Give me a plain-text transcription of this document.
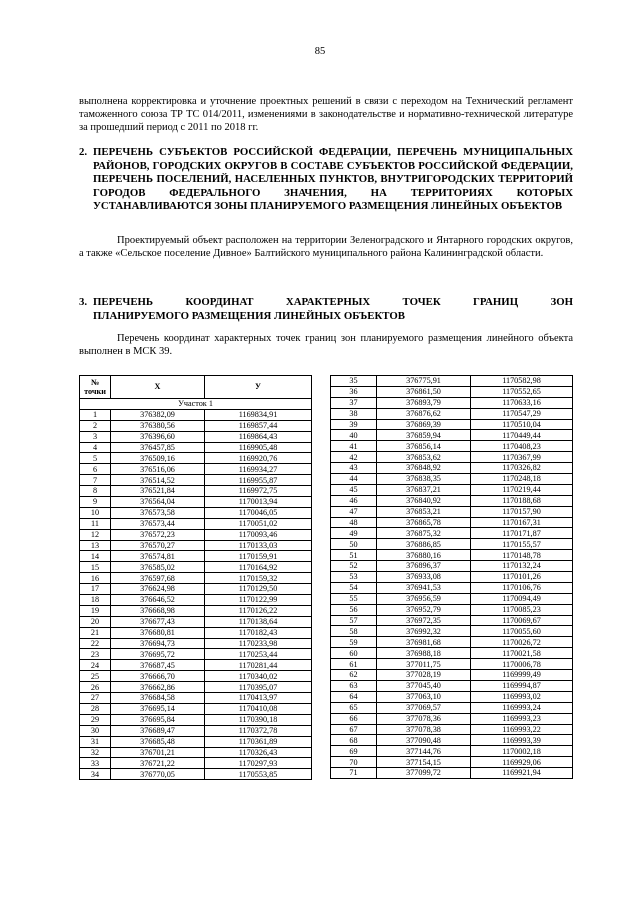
85

выполнена корректировка и уточнение проектных решений в связи с переходом на Технический регламент таможенного союза ТР ТС 014/2011, изменениями в законодательстве и нормативно-технической литературе за прошедший период с 2011 по 2018 гг.

2. ПЕРЕЧЕНЬ СУБЪЕКТОВ РОССИЙСКОЙ ФЕДЕРАЦИИ, ПЕРЕЧЕНЬ МУНИЦИПАЛЬНЫХ РАЙОНОВ, ГОРОДСКИХ ОКРУГОВ В СОСТАВЕ СУБЪЕКТОВ РОССИЙСКОЙ ФЕДЕРАЦИИ, ПЕРЕЧЕНЬ ПОСЕЛЕНИЙ, НАСЕЛЕННЫХ ПУНКТОВ, ВНУТРИГОРОДСКИХ ТЕРРИТОРИЙ ГОРОДОВ ФЕДЕРАЛЬНОГО ЗНАЧЕНИЯ, НА ТЕРРИТОРИЯХ КОТОРЫХ УСТАНАВЛИВАЮТСЯ ЗОНЫ ПЛАНИРУЕМОГО РАЗМЕЩЕНИЯ ЛИНЕЙНЫХ ОБЪЕКТОВ

Проектируемый объект расположен на территории Зеленоградского и Янтарного городских округов, а также «Сельское поселение Дивное» Балтийского муниципального района Калининградской области.

3. ПЕРЕЧЕНЬ КООРДИНАТ ХАРАКТЕРНЫХ ТОЧЕК ГРАНИЦ ЗОН
ПЛАНИРУЕМОГО РАЗМЕЩЕНИЯ ЛИНЕЙНЫХ ОБЪЕКТОВ

Перечень координат характерных точек границ зон планируемого размещения линейного объекта выполнен в МСК 39.

№ точки	X	У
Участок 1		
1	376382,09	1169834,91
2	376380,56	1169857,44
3	376396,60	1169864,43
4	376457,85	1169905,48
5	376509,16	1169920,76
6	376516,06	1169934,27
7	376514,52	1169955,87
8	376521,84	1169972,75
9	376564,04	1170013,94
10	376573,58	1170046,05
11	376573,44	1170051,02
12	376572,23	1170093,46
13	376570,27	1170133,03
14	376574,81	1170159,91
15	376585,02	1170164,92
16	376597,68	1170159,32
17	376624,98	1170129,50
18	376646,52	1170122,99
19	376668,98	1170126,22
20	376677,43	1170138,64
21	376680,81	1170182,43
22	376694,73	1170233,98
23	376695,72	1170253,44
24	376687,45	1170281,44
25	376666,70	1170340,02
26	376662,86	1170395,07
27	376684,58	1170413,97
28	376695,14	1170410,08
29	376695,84	1170390,18
30	376689,47	1170372,78
31	376685,48	1170361,89
32	376701,21	1170326,43
33	376721,22	1170297,93
34	376770,05	1170553,85
35	376775,91	1170582,98
36	376861,50	1170552,65
37	376893,79	1170633,16
38	376876,62	1170547,29
39	376869,39	1170510,04
40	376859,94	1170449,44
41	376856,14	1170408,23
42	376853,62	1170367,99
43	376848,92	1170326,82
44	376838,35	1170248,18
45	376837,21	1170219,44
46	376840,92	1170188,68
47	376853,21	1170157,90
48	376865,78	1170167,31
49	376875,32	1170171,87
50	376886,85	1170155,57
51	376880,16	1170148,78
52	376896,37	1170132,24
53	376933,08	1170101,26
54	376941,53	1170106,76
55	376956,59	1170094,49
56	376952,79	1170085,23
57	376972,35	1170069,67
58	376992,32	1170055,60
59	376981,68	1170026,72
60	376988,18	1170021,58
61	377011,75	1170006,78
62	377028,19	1169999,49
63	377045,40	1169994,87
64	377063,10	1169993,02
65	377069,57	1169993,24
66	377078,36	1169993,23
67	377078,38	1169993,22
68	377090,48	1169993,39
69	377144,76	1170002,18
70	377154,15	1169929,06
71	377099,72	1169921,94
